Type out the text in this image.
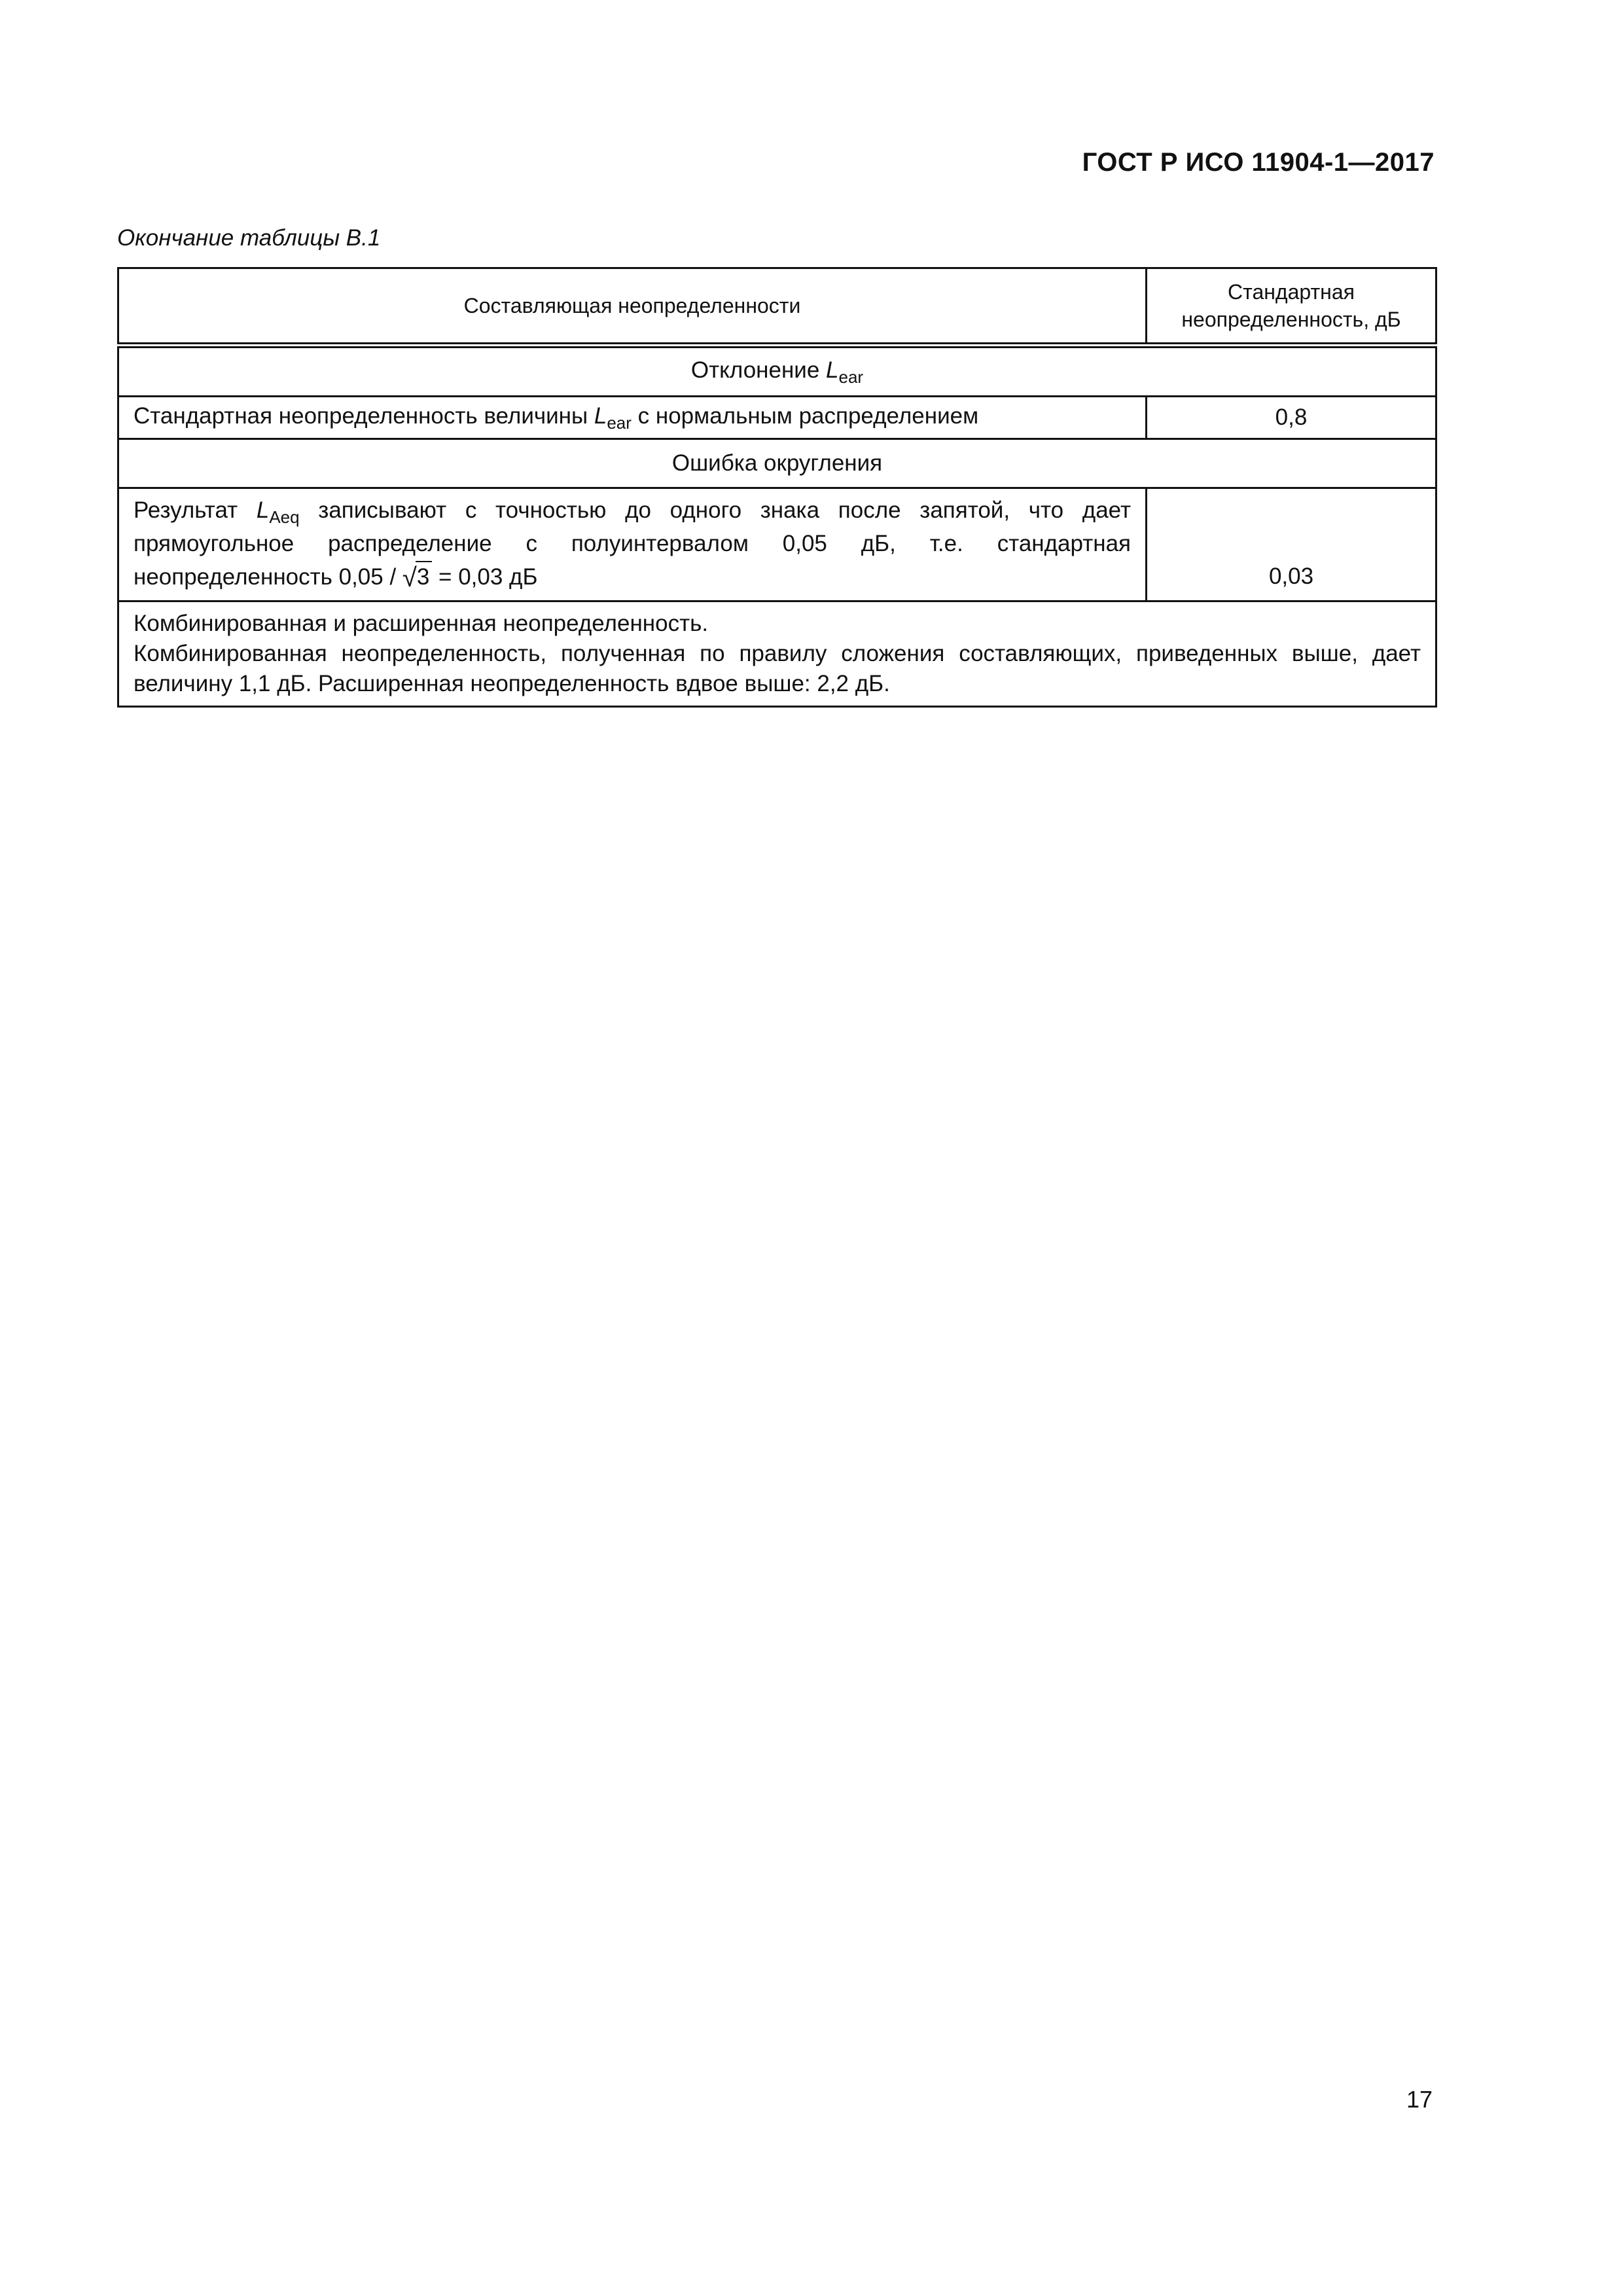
ГОСТ Р ИСО 11904-1—2017
Окончание таблицы В.1
Составляющая неопределенности	Стандартная
неопределенность, дБ
Отклонение $L_{ear}$
Стандартная неопределенность величины $L_{ear}$ с нормальным распределением	0,8
Ошибка округления	
Результат $L_{Aeq}$ записывают с точностью до одного знака после запятой, что дает прямоугольное распределение с полуинтервалом 0,05 дБ, т.е. стандартная неопределенность 0,05 / √3 = 0,03 дБ	0,03

Комбинированная и расширенная неопределенность.
Комбинированная неопределенность, полученная по правилу сложения составляющих, приведенных выше, дает величину 1,1 дБ. Расширенная неопределенность вдвое выше: 2,2 дБ.	
17
